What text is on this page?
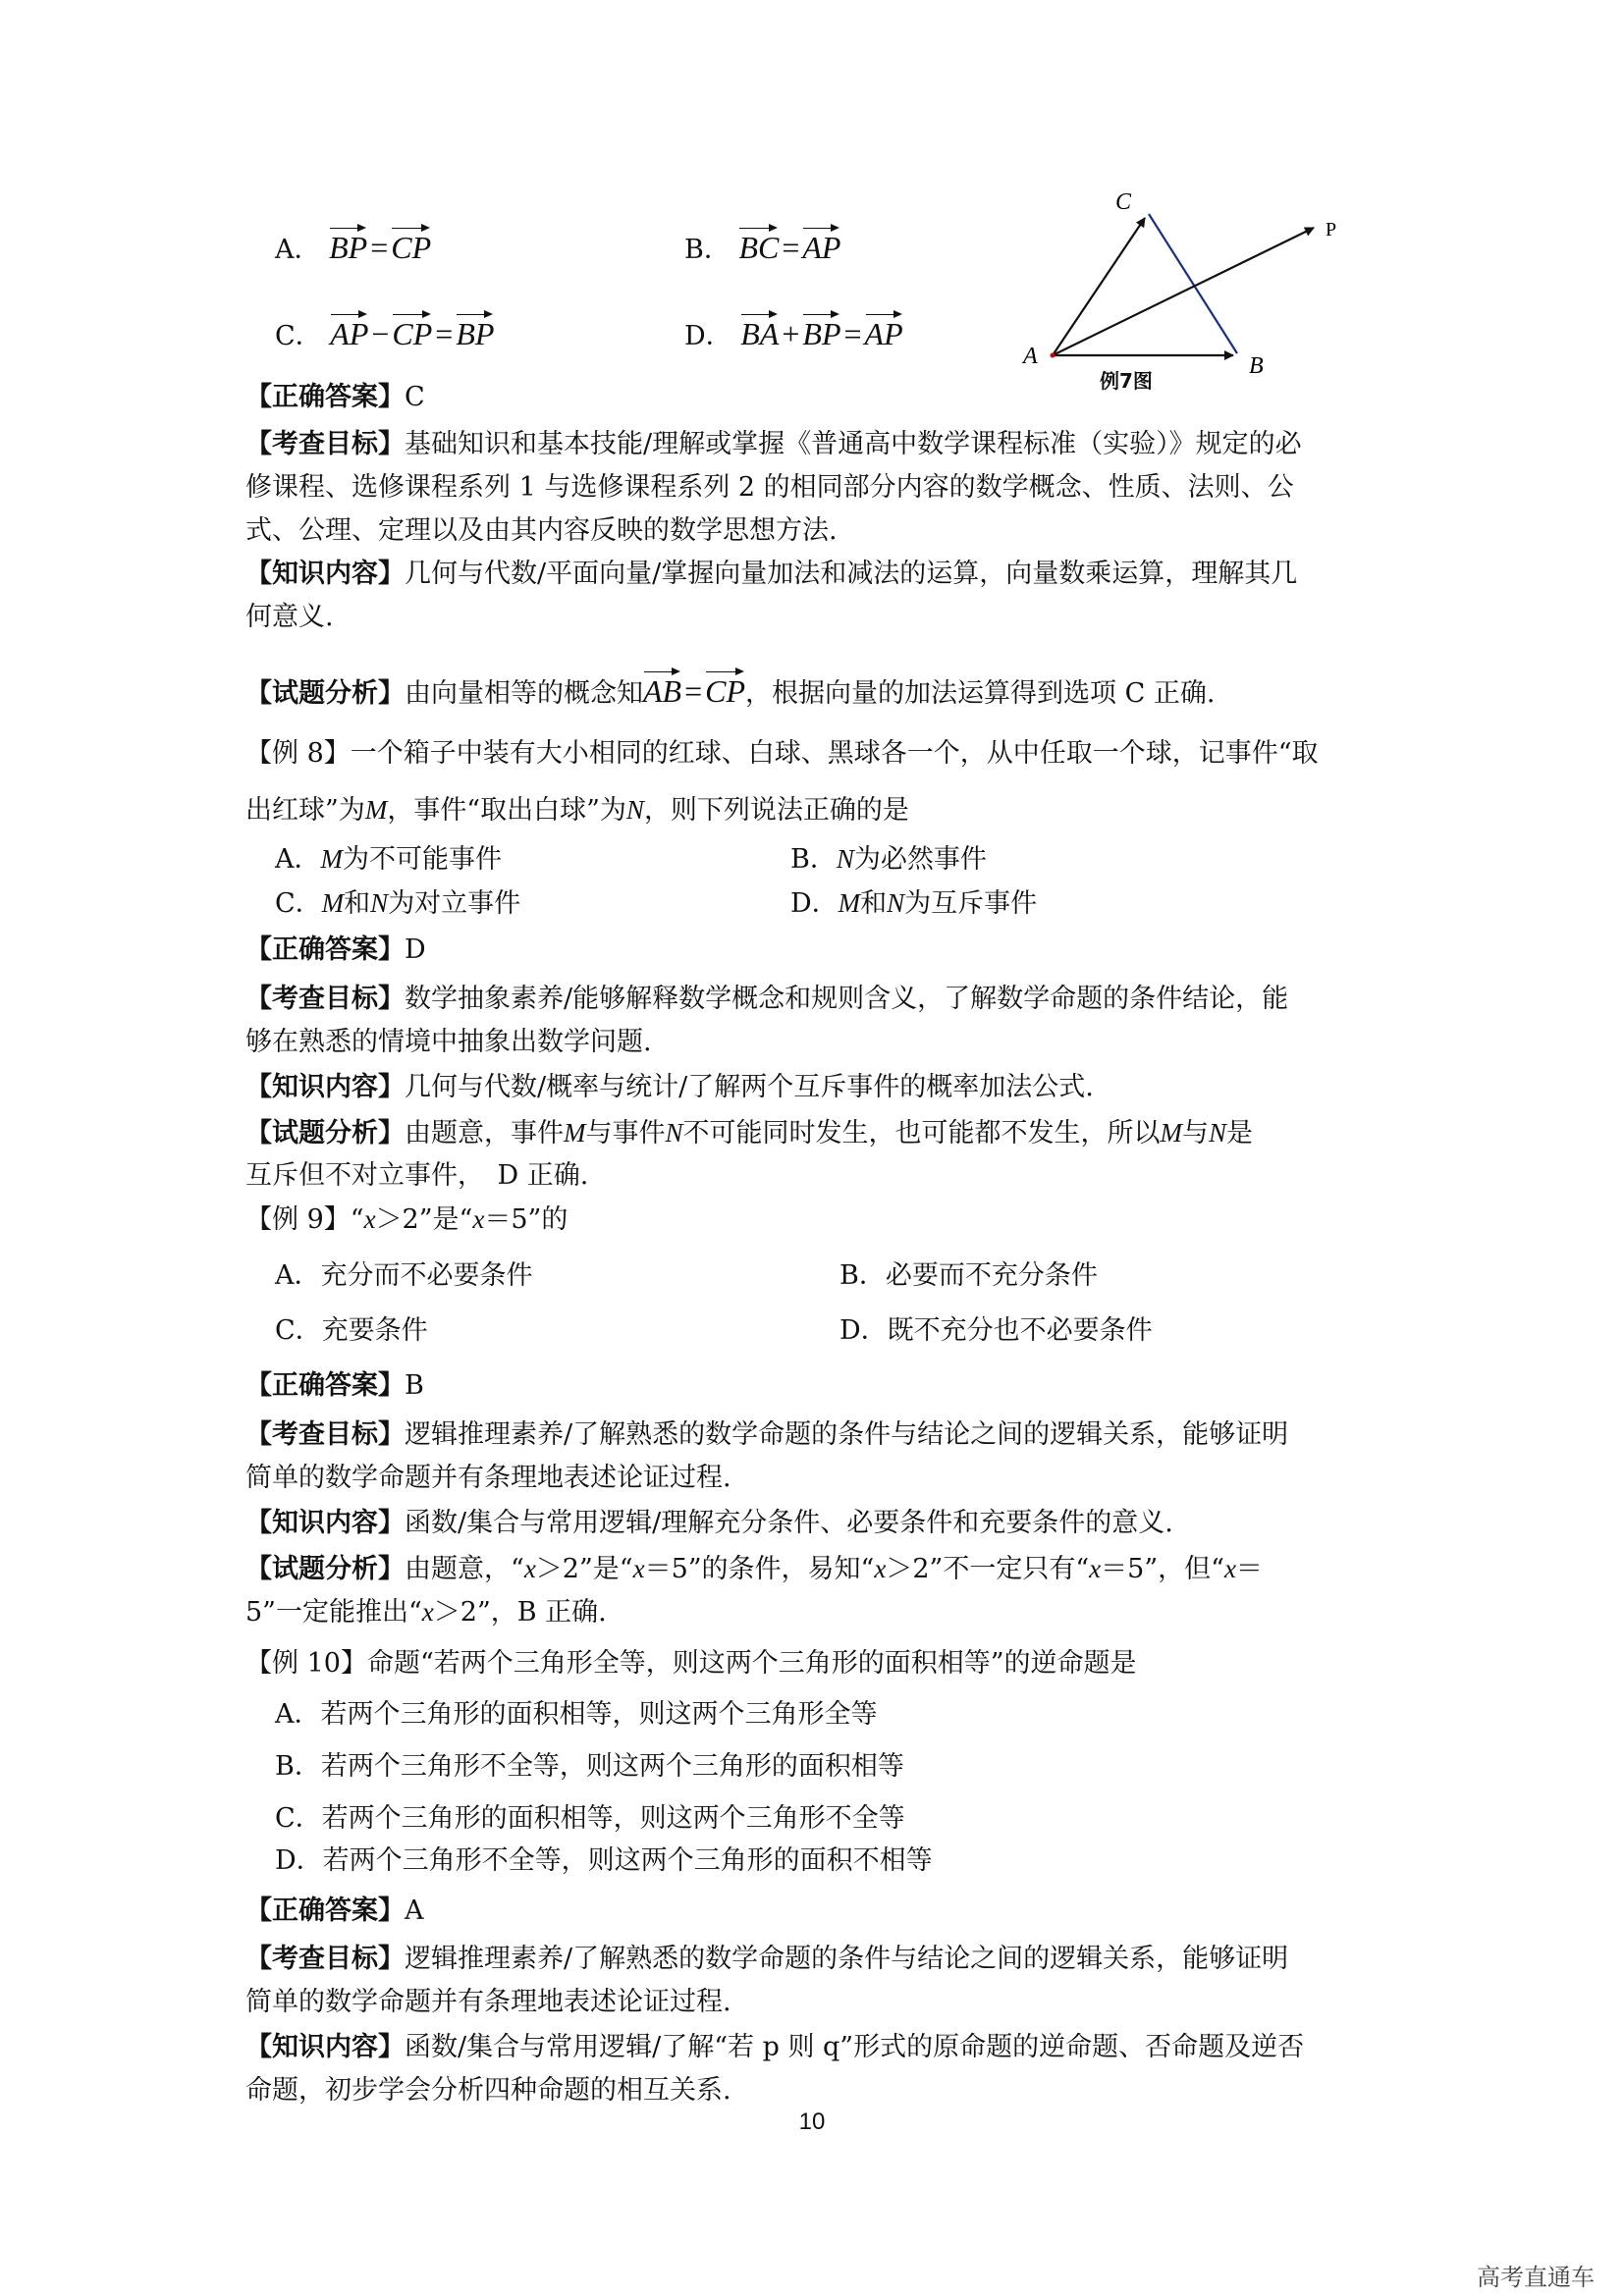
A． BP=CP	B． BC=AP
C． AP−CP=BP	D． BA+BP=AP
A	B
C
P
例7图
【正确答案】C
【考查目标】基础知识和基本技能/理解或掌握《普通高中数学课程标准（实验）》规定的必
修课程、选修课程系列 1 与选修课程系列 2 的相同部分内容的数学概念、性质、法则、公
式、公理、定理以及由其内容反映的数学思想方法.
【知识内容】几何与代数/平面向量/掌握向量加法和减法的运算，向量数乘运算，理解其几
何意义.
【试题分析】由向量相等的概念知AB=CP，根据向量的加法运算得到选项 C 正确.
【例 8】一个箱子中装有大小相同的红球、白球、黑球各一个，从中任取一个球，记事件“取
出红球”为M，事件“取出白球”为N，则下列说法正确的是
A．M为不可能事件	B．N为必然事件
C．M和N为对立事件	D．M和N为互斥事件
【正确答案】D
【考查目标】数学抽象素养/能够解释数学概念和规则含义，了解数学命题的条件结论，能
够在熟悉的情境中抽象出数学问题.
【知识内容】几何与代数/概率与统计/了解两个互斥事件的概率加法公式.
【试题分析】由题意，事件M与事件N不可能同时发生，也可能都不发生，所以M与N是
互斥但不对立事件，　D 正确.
【例 9】“x＞2”是“x＝5”的
A．充分而不必要条件	B．必要而不充分条件
C．充要条件	D．既不充分也不必要条件
【正确答案】B
【考查目标】逻辑推理素养/了解熟悉的数学命题的条件与结论之间的逻辑关系，能够证明
简单的数学命题并有条理地表述论证过程.
【知识内容】函数/集合与常用逻辑/理解充分条件、必要条件和充要条件的意义.
【试题分析】由题意，“x＞2”是“x＝5”的条件，易知“x＞2”不一定只有“x＝5”，但“x＝
5”一定能推出“x＞2”，B 正确.
【例 10】命题“若两个三角形全等，则这两个三角形的面积相等”的逆命题是
A．若两个三角形的面积相等，则这两个三角形全等
B．若两个三角形不全等，则这两个三角形的面积相等
C．若两个三角形的面积相等，则这两个三角形不全等
D．若两个三角形不全等，则这两个三角形的面积不相等
【正确答案】A
【考查目标】逻辑推理素养/了解熟悉的数学命题的条件与结论之间的逻辑关系，能够证明
简单的数学命题并有条理地表述论证过程.
【知识内容】函数/集合与常用逻辑/了解“若 p 则 q”形式的原命题的逆命题、否命题及逆否
命题，初步学会分析四种命题的相互关系.
10
高考直通车
